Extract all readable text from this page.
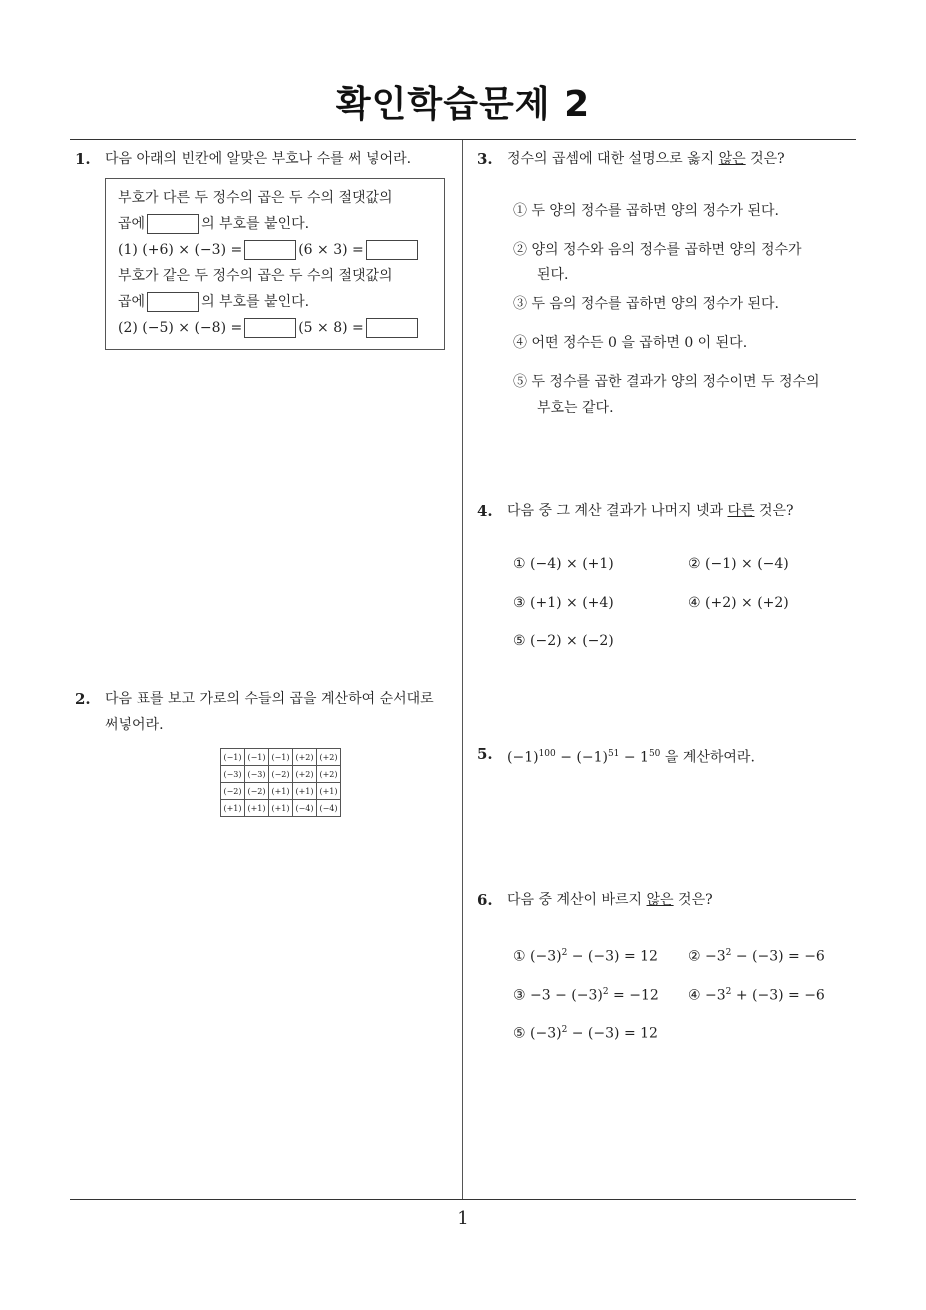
확인학습문제 2
1
1. 다음 아래의 빈칸에 알맞은 부호나 수를 써 넣어라.
부호가 다른 두 정수의 곱은 두 수의 절댓값의
곱에	의 부호를 붙인다.
(1) (+6) × (−3) =	(6 × 3) =
부호가 같은 두 정수의 곱은 두 수의 절댓값의
곱에	의 부호를 붙인다.
(2) (−5) × (−8) =	(5 × 8) =
2. 다음 표를 보고 가로의 수들의 곱을 계산하여 순서대로
써넣어라.
(−1)	(−1)	(−1)	(+2)	(+2)
(−3)	(−3)	(−2)	(+2)	(+2)
(−2)	(−2)	(+1)	(+1)	(+1)
(+1)	(+1)	(+1)	(−4)	(−4)
3. 정수의 곱셈에 대한 설명으로 옳지 않은 것은?
① 두 양의 정수를 곱하면 양의 정수가 된다.
② 양의 정수와 음의 정수를 곱하면 양의 정수가
된다.
③ 두 음의 정수를 곱하면 양의 정수가 된다.
④ 어떤 정수든 0 을 곱하면 0 이 된다.
⑤ 두 정수를 곱한 결과가 양의 정수이면 두 정수의
부호는 같다.
4. 다음 중 그 계산 결과가 나머지 넷과 다른 것은?
① (−4) × (+1)	② (−1) × (−4)
③ (+1) × (+4)	④ (+2) × (+2)
⑤ (−2) × (−2)
5. $(-1)^{100} - (-1)^{51} - 1^{50}$ 을 계산하여라.
6. 다음 중 계산이 바르지 않은 것은?
① $(-3)^2 - (-3) = 12$ ② $-3^2 - (-3) = -6$
③ $-3 - (-3)^2 = -12$ ④ $-3^2 + (-3) = -6$
⑤ $(-3)^2 - (-3) = 12$
